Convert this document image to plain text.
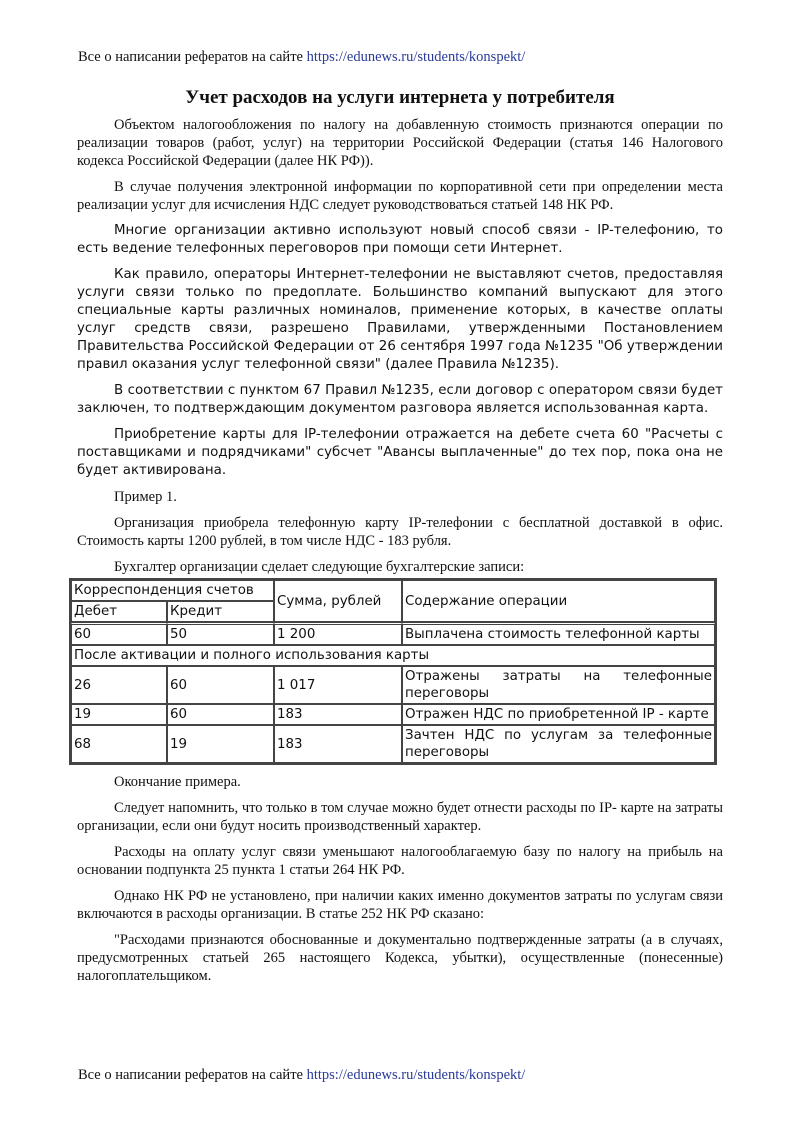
Все о написании рефератов на сайте https://edunews.ru/students/konspekt/
Учет расходов на услуги интернета у потребителя

Объектом налогообложения по налогу на добавленную стоимость признаются операции по реализации товаров (работ, услуг) на территории Российской Федерации (статья 146 Налогового кодекса Российской Федерации (далее НК РФ)).

В случае получения электронной информации по корпоративной сети при определении места реализации услуг для исчисления НДС следует руководствоваться статьей 148 НК РФ.

Многие организации активно используют новый способ связи - IP-телефонию, то есть ведение телефонных переговоров при помощи сети Интернет.

Как правило, операторы Интернет-телефонии не выставляют счетов, предоставляя услуги связи только по предоплате. Большинство компаний выпускают для этого специальные карты различных номиналов, применение которых, в качестве оплаты услуг средств связи, разрешено Правилами, утвержденными Постановлением Правительства Российской Федерации от 26 сентября 1997 года №1235 "Об утверждении правил оказания услуг телефонной связи" (далее Правила №1235).

В соответствии с пунктом 67 Правил №1235, если договор с оператором связи будет заключен, то подтверждающим документом разговора является использованная карта.

Приобретение карты для IP-телефонии отражается на дебете счета 60 "Расчеты с поставщиками и подрядчиками" субсчет "Авансы выплаченные" до тех пор, пока она не будет активирована.

Пример 1.

Организация приобрела телефонную карту IP-телефонии с бесплатной доставкой в офис. Стоимость карты 1200 рублей, в том числе НДС - 183 рубля.

Бухгалтер организации сделает следующие бухгалтерские записи:

Корреспонденция счетов		Сумма, рублей	Содержание операции
Дебет	Кредит		
60	50	1 200	Выплачена стоимость телефонной карты
После активации и полного использования карты			
26	60	1 017	Отражены затраты на телефонные переговоры
19	60	183	Отражен НДС по приобретенной IP - карте
68	19	183	Зачтен НДС по услугам за телефонные переговоры

Окончание примера.

Следует напомнить, что только в том случае можно будет отнести расходы по IP- карте на затраты организации, если они будут носить производственный характер.

Расходы на оплату услуг связи уменьшают налогооблагаемую базу по налогу на прибыль на основании подпункта 25 пункта 1 статьи 264 НК РФ.

Однако НК РФ не установлено, при наличии каких именно документов затраты по услугам связи включаются в расходы организации. В статье 252 НК РФ сказано:

"Расходами признаются обоснованные и документально подтвержденные затраты (а в случаях, предусмотренных статьей 265 настоящего Кодекса, убытки), осуществленные (понесенные) налогоплательщиком.

Все о написании рефератов на сайте https://edunews.ru/students/konspekt/
